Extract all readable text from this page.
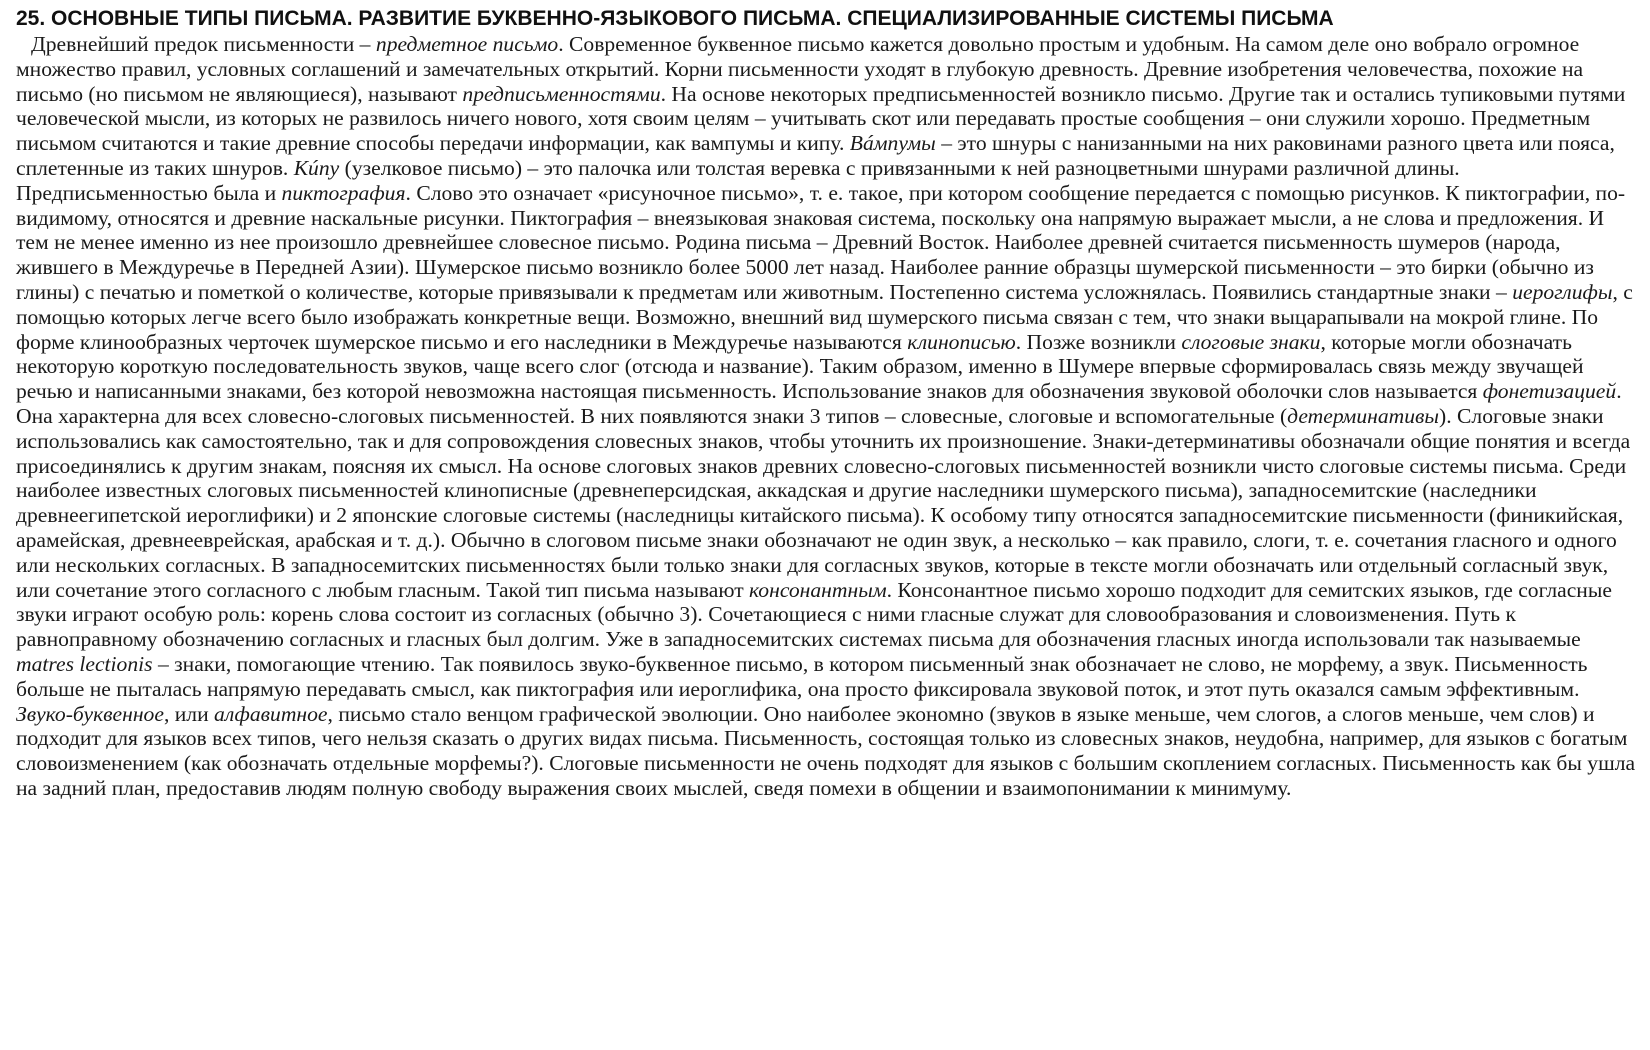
25. ОСНОВНЫЕ ТИПЫ ПИСЬМА. РАЗВИТИЕ БУКВЕННО-ЯЗЫКОВОГО ПИСЬМА. СПЕЦИАЛИЗИРОВАННЫЕ СИСТЕМЫ ПИСЬМА

Древнейший предок письменности – предметное письмо. Современное буквенное письмо кажется довольно простым и удобным. На самом деле оно вобрало огромное множество правил, условных соглашений и замечательных открытий. Корни письменности уходят в глубокую древность. Древние изобретения человечества, похожие на письмо (но письмом не являющиеся), называют предписьменностями. На основе некоторых предписьменностей возникло письмо. Другие так и остались тупиковыми путями человеческой мысли, из которых не развилось ничего нового, хотя своим целям – учитывать скот или передавать простые сообщения – они служили хорошо. Предметным письмом считаются и такие древние способы передачи информации, как вампумы и кипу. Вáмпумы – это шнуры с нанизанными на них раковинами разного цвета или пояса, сплетенные из таких шнуров. Кúпу (узелковое письмо) – это палочка или толстая веревка с привязанными к ней разноцветными шнурами различной длины. Предписьменностью была и пиктография. Слово это означает «рисуночное письмо», т. е. такое, при котором сообщение передается с помощью рисунков. К пиктографии, по-видимому, относятся и древние наскальные рисунки. Пиктография – внеязыковая знаковая система, поскольку она напрямую выражает мысли, а не слова и предложения. И тем не менее именно из нее произошло древнейшее словесное письмо. Родина письма – Древний Восток. Наиболее древней считается письменность шумеров (народа, жившего в Междуречье в Передней Азии). Шумерское письмо возникло более 5000 лет назад. Наиболее ранние образцы шумерской письменности – это бирки (обычно из глины) с печатью и пометкой о количестве, которые привязывали к предметам или животным. Постепенно система усложнялась. Появились стандартные знаки – иероглифы, с помощью которых легче всего было изображать конкретные вещи. Возможно, внешний вид шумерского письма связан с тем, что знаки выцарапывали на мокрой глине. По форме клинообразных черточек шумерское письмо и его наследники в Междуречье называются клинописью. Позже возникли слоговые знаки, которые могли обозначать некоторую короткую последовательность звуков, чаще всего слог (отсюда и название). Таким образом, именно в Шумере впервые сформировалась связь между звучащей речью и написанными знаками, без которой невозможна настоящая письменность. Использование знаков для обозначения звуковой оболочки слов называется фонетизацией. Она характерна для всех словесно-слоговых письменностей. В них появляются знаки 3 типов – словесные, слоговые и вспомогательные (детерминативы). Слоговые знаки использовались как самостоятельно, так и для сопровождения словесных знаков, чтобы уточнить их произношение. Знаки-детерминативы обозначали общие понятия и всегда присоединялись к другим знакам, поясняя их смысл. На основе слоговых знаков древних словесно-слоговых письменностей возникли чисто слоговые системы письма. Среди наиболее известных слоговых письменностей клинописные (древнеперсидская, аккадская и другие наследники шумерского письма), западносемитские (наследники древнеегипетской иероглифики) и 2 японские слоговые системы (наследницы китайского письма). К особому типу относятся западносемитские письменности (финикийская, арамейская, древнееврейская, арабская и т. д.). Обычно в слоговом письме знаки обозначают не один звук, а несколько – как правило, слоги, т. е. сочетания гласного и одного или нескольких согласных. В западносемитских письменностях были только знаки для согласных звуков, которые в тексте могли обозначать или отдельный согласный звук, или сочетание этого согласного с любым гласным. Такой тип письма называют консонантным. Консонантное письмо хорошо подходит для семитских языков, где согласные звуки играют особую роль: корень слова состоит из согласных (обычно 3). Сочетающиеся с ними гласные служат для словообразования и словоизменения. Путь к равноправному обозначению согласных и гласных был долгим. Уже в западносемитских системах письма для обозначения гласных иногда использовали так называемые matres lectionis – знаки, помогающие чтению. Так появилось звуко-буквенное письмо, в котором письменный знак обозначает не слово, не морфему, а звук. Письменность больше не пыталась напрямую передавать смысл, как пиктография или иероглифика, она просто фиксировала звуковой поток, и этот путь оказался самым эффективным. Звуко-буквенное, или алфавитное, письмо стало венцом графической эволюции. Оно наиболее экономно (звуков в языке меньше, чем слогов, а слогов меньше, чем слов) и подходит для языков всех типов, чего нельзя сказать о других видах письма. Письменность, состоящая только из словесных знаков, неудобна, например, для языков с богатым словоизменением (как обозначать отдельные морфемы?). Слоговые письменности не очень подходят для языков с большим скоплением согласных. Письменность как бы ушла на задний план, предоставив людям полную свободу выражения своих мыслей, сведя помехи в общении и взаимопонимании к минимуму.
